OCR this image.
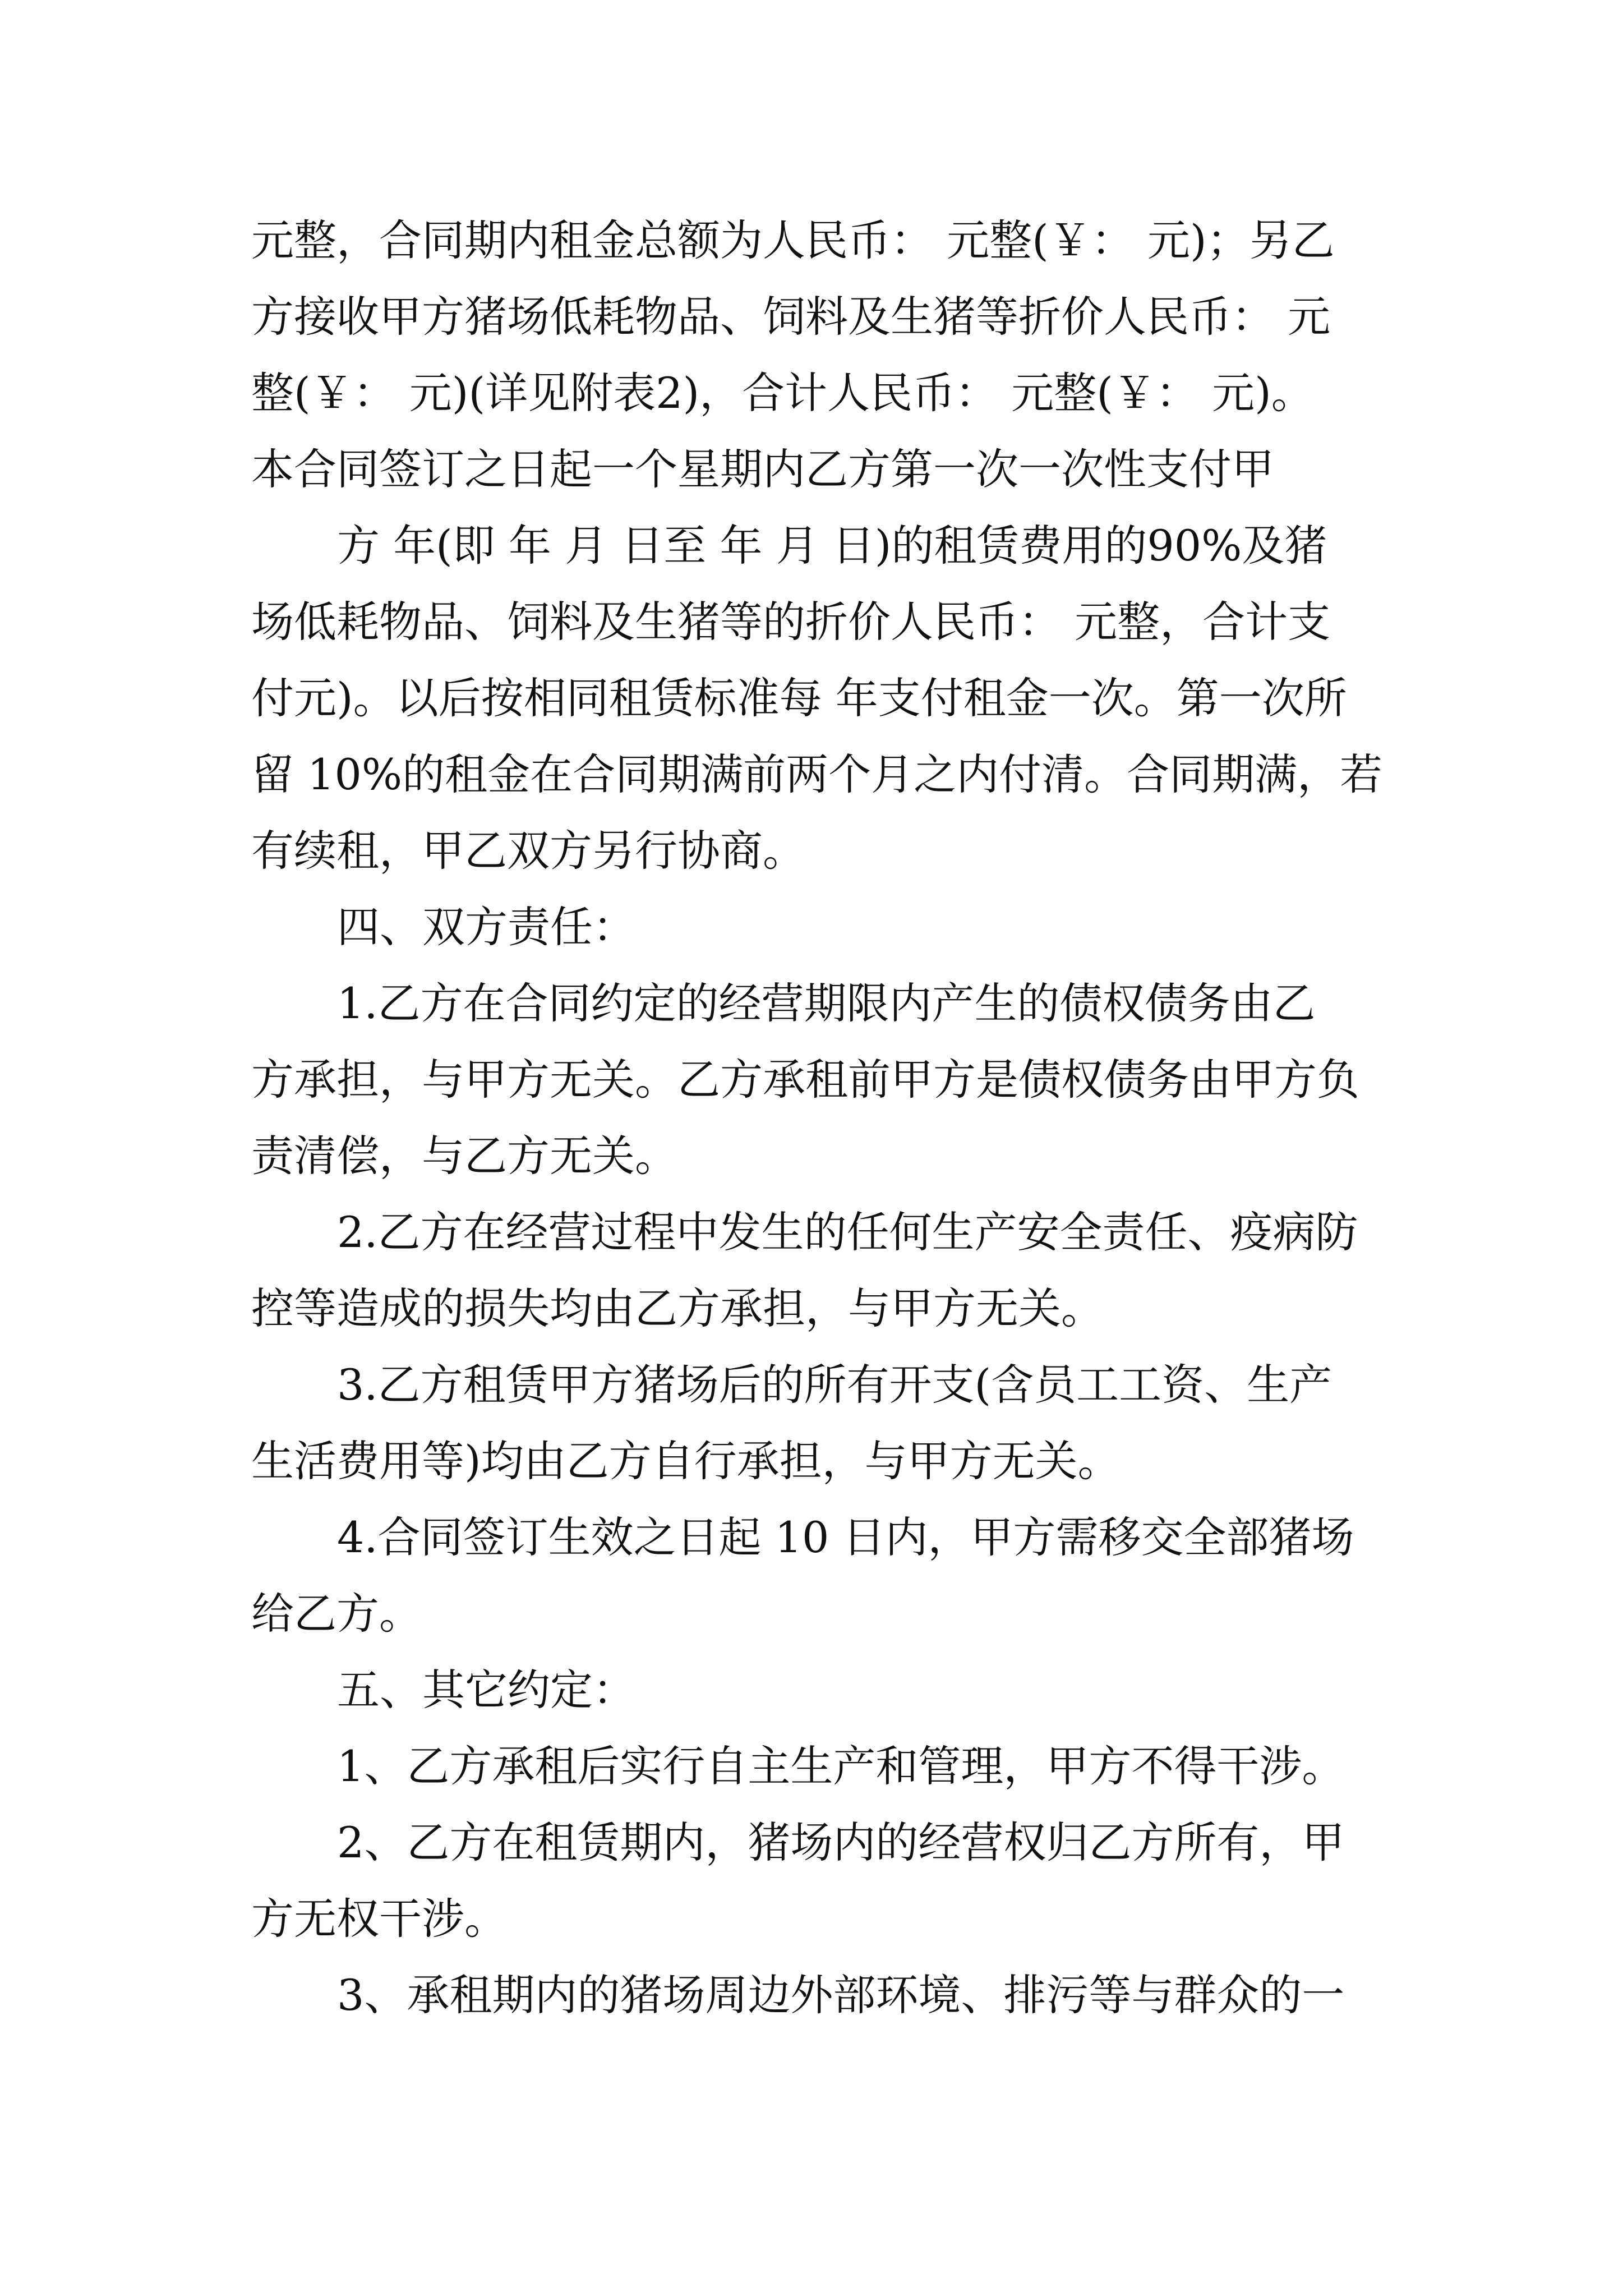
元整，合同期内租金总额为人民币： 元整(￥： 元)；另乙
方接收甲方猪场低耗物品、饲料及生猪等折价人民币： 元
整(￥： 元)(详见附表2)，合计人民币： 元整(￥： 元)。
本合同签订之日起一个星期内乙方第一次一次性支付甲
方 年(即 年 月 日至 年 月 日)的租赁费用的90%及猪
场低耗物品、饲料及生猪等的折价人民币： 元整，合计支
付元)。以后按相同租赁标准每 年支付租金一次。第一次所
留 10%的租金在合同期满前两个月之内付清。合同期满，若
有续租，甲乙双方另行协商。
四、双方责任：
1.乙方在合同约定的经营期限内产生的债权债务由乙
方承担，与甲方无关。乙方承租前甲方是债权债务由甲方负
责清偿，与乙方无关。
2.乙方在经营过程中发生的任何生产安全责任、疫病防
控等造成的损失均由乙方承担，与甲方无关。
3.乙方租赁甲方猪场后的所有开支(含员工工资、生产
生活费用等)均由乙方自行承担，与甲方无关。
4.合同签订生效之日起 10 日内，甲方需移交全部猪场
给乙方。
五、其它约定：
1、乙方承租后实行自主生产和管理，甲方不得干涉。
2、乙方在租赁期内，猪场内的经营权归乙方所有，甲
方无权干涉。
3、承租期内的猪场周边外部环境、排污等与群众的一
